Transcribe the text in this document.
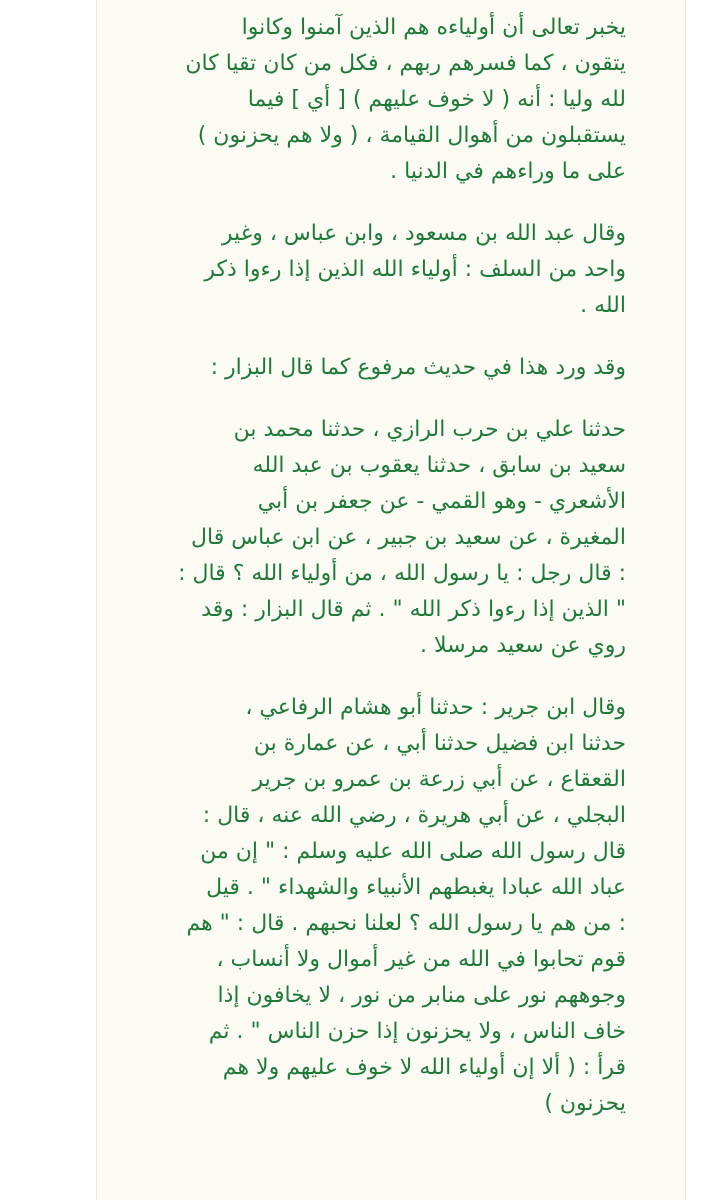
يخبر تعالى أن أولياءه هم الذين آمنوا وكانوا
يتقون ، كما فسرهم ربهم ، فكل من كان تقيا كان
لله وليا : أنه ( لا خوف عليهم ) [ أي ] فيما
يستقبلون من أهوال القيامة ، ( ولا هم يحزنون )
على ما وراءهم في الدنيا .

وقال عبد الله بن مسعود ، وابن عباس ، وغير
واحد من السلف : أولياء الله الذين إذا رءوا ذكر
الله .

وقد ورد هذا في حديث مرفوع كما قال البزار :

حدثنا علي بن حرب الرازي ، حدثنا محمد بن
سعيد بن سابق ، حدثنا يعقوب بن عبد الله
الأشعري - وهو القمي - عن جعفر بن أبي
المغيرة ، عن سعيد بن جبير ، عن ابن عباس قال
: قال رجل : يا رسول الله ، من أولياء الله ؟ قال :
" الذين إذا رءوا ذكر الله " . ثم قال البزار : وقد
روي عن سعيد مرسلا .

وقال ابن جرير : حدثنا أبو هشام الرفاعي ،
حدثنا ابن فضيل حدثنا أبي ، عن عمارة بن
القعقاع ، عن أبي زرعة بن عمرو بن جرير
البجلي ، عن أبي هريرة ، رضي الله عنه ، قال :
قال رسول الله صلى الله عليه وسلم : " إن من
عباد الله عبادا يغبطهم الأنبياء والشهداء " . قيل
: من هم يا رسول الله ؟ لعلنا نحبهم . قال : " هم
قوم تحابوا في الله من غير أموال ولا أنساب ،
وجوههم نور على منابر من نور ، لا يخافون إذا
خاف الناس ، ولا يحزنون إذا حزن الناس " . ثم
قرأ : ( ألا إن أولياء الله لا خوف عليهم ولا هم
يحزنون )
